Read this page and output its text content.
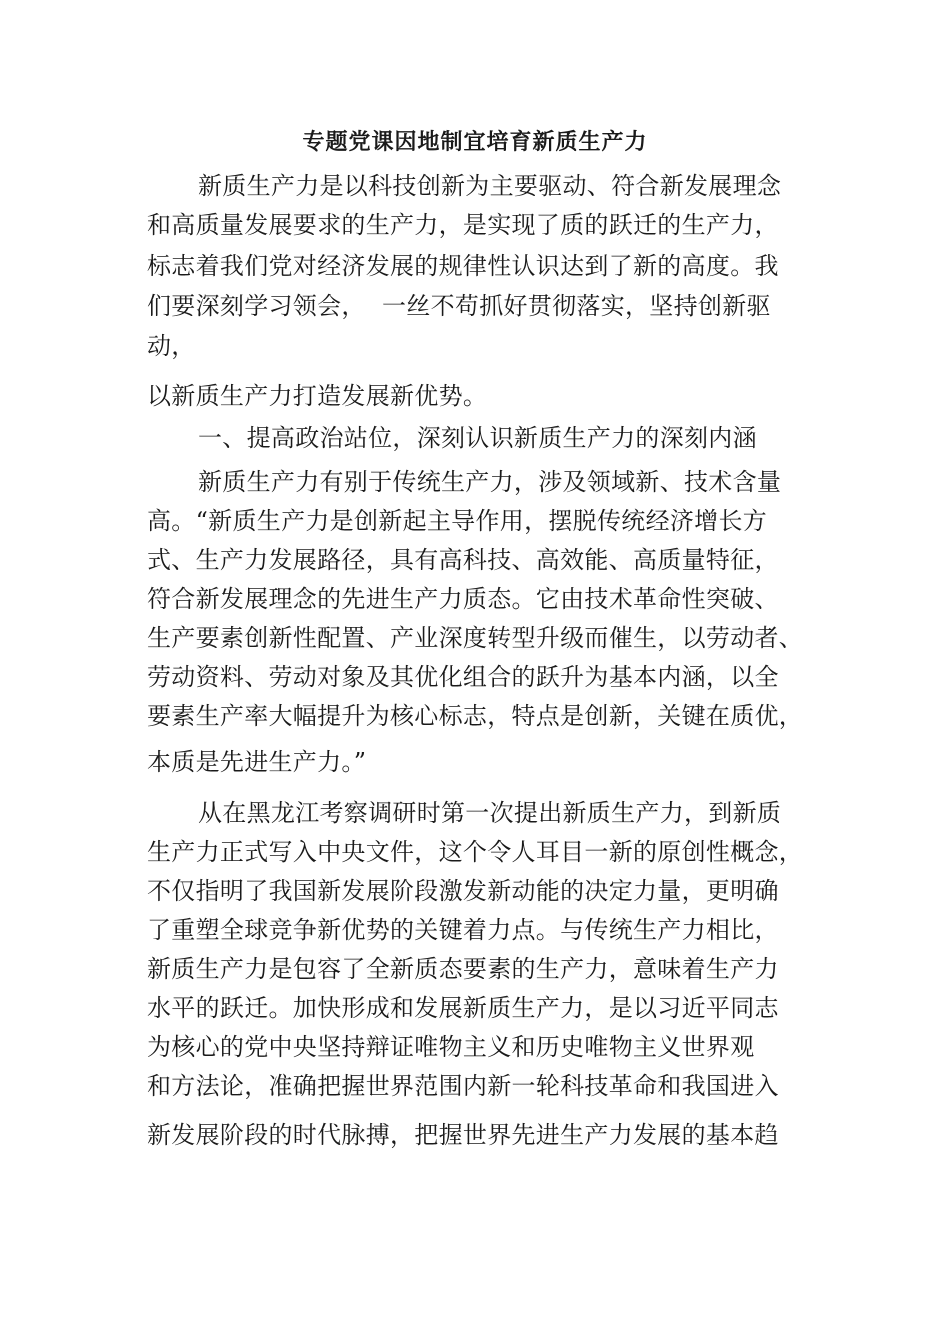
专题党课因地制宜培育新质生产力
新质生产力是以科技创新为主要驱动、符合新发展理念
和高质量发展要求的生产力，是实现了质的跃迁的生产力，
标志着我们党对经济发展的规律性认识达到了新的高度。我
们要深刻学习领会， 一丝不苟抓好贯彻落实，坚持创新驱
动，
以新质生产力打造发展新优势。
一、提高政治站位，深刻认识新质生产力的深刻内涵
新质生产力有别于传统生产力，涉及领域新、技术含量
高。“新质生产力是创新起主导作用，摆脱传统经济增长方
式、生产力发展路径，具有高科技、高效能、高质量特征，
符合新发展理念的先进生产力质态。它由技术革命性突破、
生产要素创新性配置、产业深度转型升级而催生，以劳动者、
劳动资料、劳动对象及其优化组合的跃升为基本内涵，以全
要素生产率大幅提升为核心标志，特点是创新，关键在质优，
本质是先进生产力。”
从在黑龙江考察调研时第一次提出新质生产力，到新质
生产力正式写入中央文件，这个令人耳目一新的原创性概念，
不仅指明了我国新发展阶段激发新动能的决定力量，更明确
了重塑全球竞争新优势的关键着力点。与传统生产力相比，
新质生产力是包容了全新质态要素的生产力，意味着生产力
水平的跃迁。加快形成和发展新质生产力，是以习近平同志
为核心的党中央坚持辩证唯物主义和历史唯物主义世界观
和方法论，准确把握世界范围内新一轮科技革命和我国进入
新发展阶段的时代脉搏，把握世界先进生产力发展的基本趋
